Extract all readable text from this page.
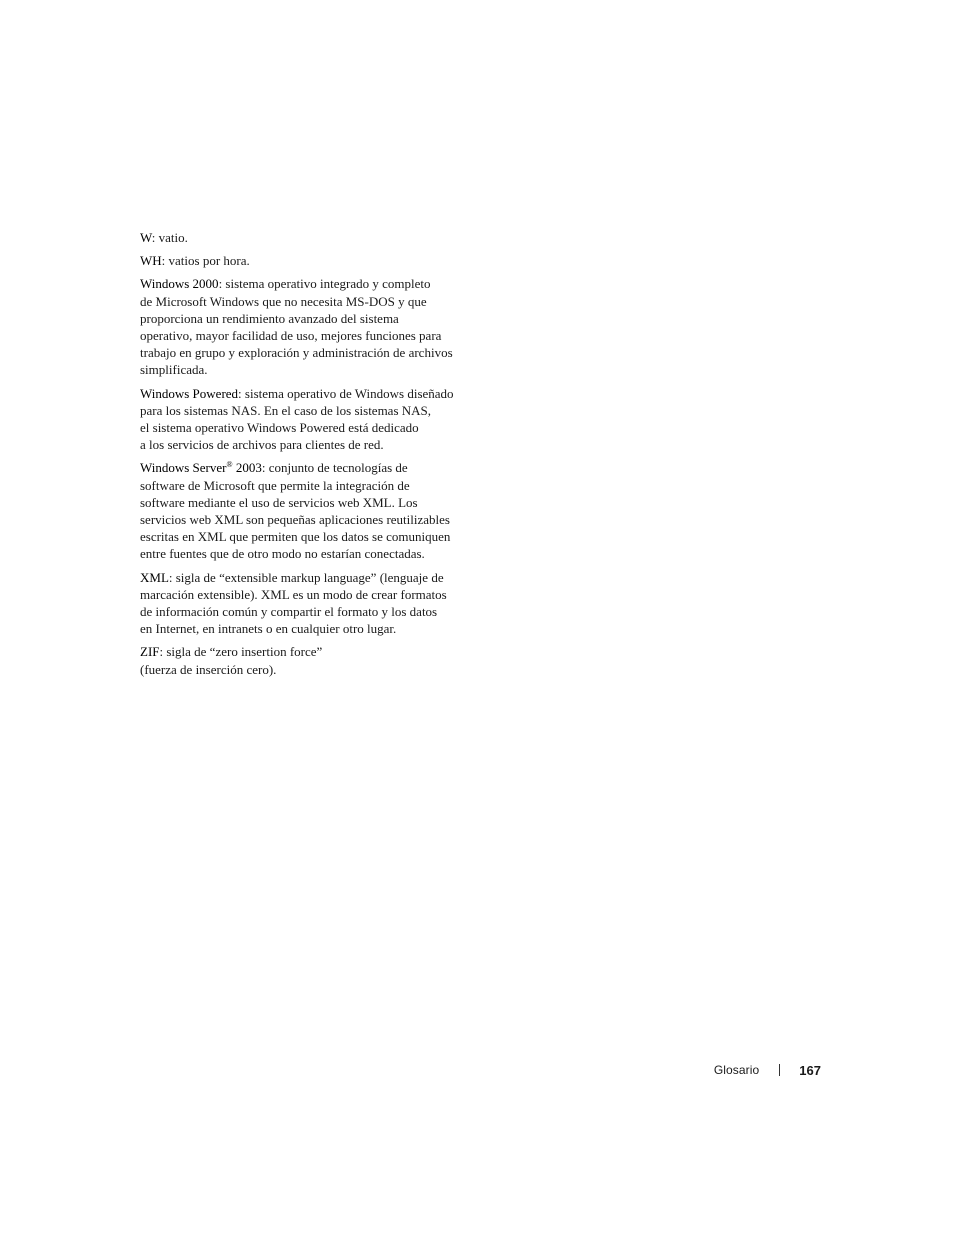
W: vatio.

WH: vatios por hora.

Windows 2000: sistema operativo integrado y completo
de Microsoft Windows que no necesita MS-DOS y que
proporciona un rendimiento avanzado del sistema
operativo, mayor facilidad de uso, mejores funciones para
trabajo en grupo y exploración y administración de archivos
simplificada.

Windows Powered: sistema operativo de Windows diseñado
para los sistemas NAS. En el caso de los sistemas NAS,
el sistema operativo Windows Powered está dedicado
a los servicios de archivos para clientes de red.

Windows Server® 2003: conjunto de tecnologías de
software de Microsoft que permite la integración de
software mediante el uso de servicios web XML. Los
servicios web XML son pequeñas aplicaciones reutilizables
escritas en XML que permiten que los datos se comuniquen
entre fuentes que de otro modo no estarían conectadas.

XML: sigla de “extensible markup language” (lenguaje de
marcación extensible). XML es un modo de crear formatos
de información común y compartir el formato y los datos
en Internet, en intranets o en cualquier otro lugar.

ZIF: sigla de “zero insertion force”
(fuerza de inserción cero).

Glosario	167
